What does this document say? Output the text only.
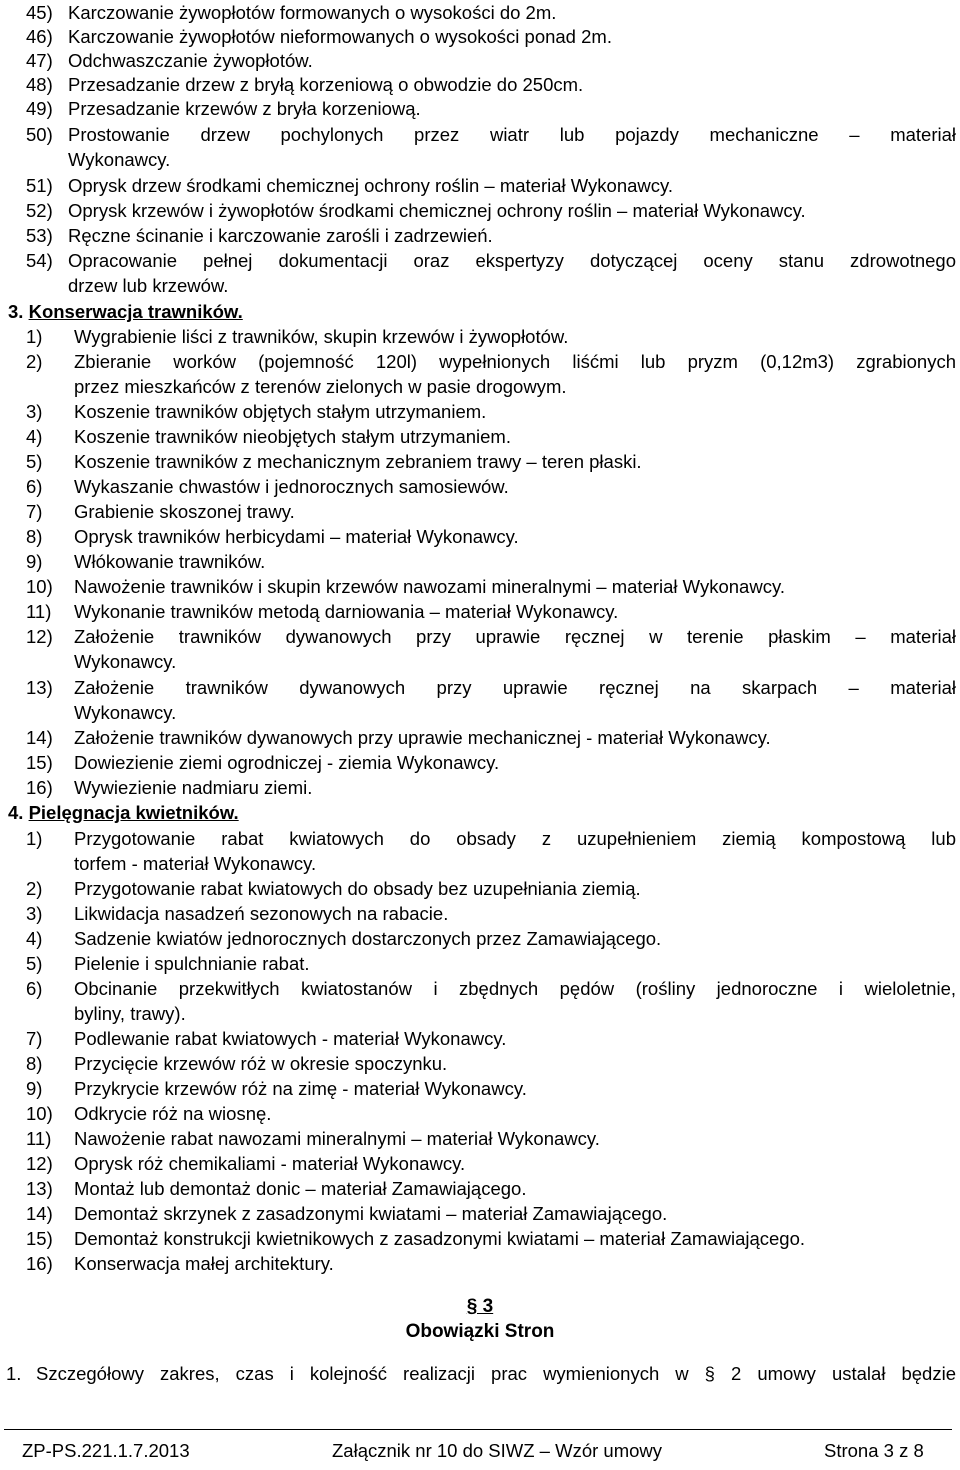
45) Karczowanie żywopłotów formowanych o wysokości do 2m.
46) Karczowanie żywopłotów nieformowanych o wysokości ponad 2m.
47) Odchwaszczanie żywopłotów.
48) Przesadzanie drzew z bryłą korzeniową o obwodzie do 250cm.
49) Przesadzanie krzewów z bryła korzeniową.
50) Prostowanie drzew pochylonych przez wiatr lub pojazdy mechaniczne – materiał
Wykonawcy.
51) Oprysk drzew środkami chemicznej ochrony roślin – materiał Wykonawcy.
52) Oprysk krzewów i żywopłotów środkami chemicznej ochrony roślin – materiał Wykonawcy.
53) Ręczne ścinanie i karczowanie zarośli i zadrzewień.
54) Opracowanie pełnej dokumentacji oraz ekspertyzy dotyczącej oceny stanu zdrowotnego
drzew lub krzewów.
3. Konserwacja trawników.
1) Wygrabienie liści z trawników, skupin krzewów i żywopłotów.
2) Zbieranie worków (pojemność 120l) wypełnionych liśćmi lub pryzm (0,12m3) zgrabionych
przez mieszkańców z terenów zielonych w pasie drogowym.
3) Koszenie trawników objętych stałym utrzymaniem.
4) Koszenie trawników nieobjętych stałym utrzymaniem.
5) Koszenie trawników z mechanicznym zebraniem trawy – teren płaski.
6) Wykaszanie chwastów i jednorocznych samosiewów.
7) Grabienie skoszonej trawy.
8) Oprysk trawników herbicydami – materiał Wykonawcy.
9) Włókowanie trawników.
10) Nawożenie trawników i skupin krzewów nawozami mineralnymi – materiał Wykonawcy.
11) Wykonanie trawników metodą darniowania – materiał Wykonawcy.
12) Założenie trawników dywanowych przy uprawie ręcznej w terenie płaskim – materiał
Wykonawcy.
13) Założenie trawników dywanowych przy uprawie ręcznej na skarpach – materiał
Wykonawcy.
14) Założenie trawników dywanowych przy uprawie mechanicznej - materiał Wykonawcy.
15) Dowiezienie ziemi ogrodniczej - ziemia Wykonawcy.
16) Wywiezienie nadmiaru ziemi.
4. Pielęgnacja kwietników.
1) Przygotowanie rabat kwiatowych do obsady z uzupełnieniem ziemią kompostową lub
torfem - materiał Wykonawcy.
2) Przygotowanie rabat kwiatowych do obsady bez uzupełniania ziemią.
3) Likwidacja nasadzeń sezonowych na rabacie.
4) Sadzenie kwiatów jednorocznych dostarczonych przez Zamawiającego.
5) Pielenie i spulchnianie rabat.
6) Obcinanie przekwitłych kwiatostanów i zbędnych pędów (rośliny jednoroczne i wieloletnie,
byliny, trawy).
7) Podlewanie rabat kwiatowych - materiał Wykonawcy.
8) Przycięcie krzewów róż w okresie spoczynku.
9) Przykrycie krzewów róż na zimę - materiał Wykonawcy.
10) Odkrycie róż na wiosnę.
11) Nawożenie rabat nawozami mineralnymi – materiał Wykonawcy.
12) Oprysk róż chemikaliami - materiał Wykonawcy.
13) Montaż lub demontaż donic – materiał Zamawiającego.
14) Demontaż skrzynek z zasadzonymi kwiatami – materiał Zamawiającego.
15) Demontaż konstrukcji kwietnikowych z zasadzonymi kwiatami – materiał Zamawiającego.
16) Konserwacja małej architektury.
§ 3
Obowiązki Stron
1. Szczegółowy zakres, czas i kolejność realizacji prac wymienionych w § 2 umowy ustalał będzie
ZP-PS.221.1.7.2013	Załącznik nr 10 do SIWZ – Wzór umowy	Strona 3 z 8
